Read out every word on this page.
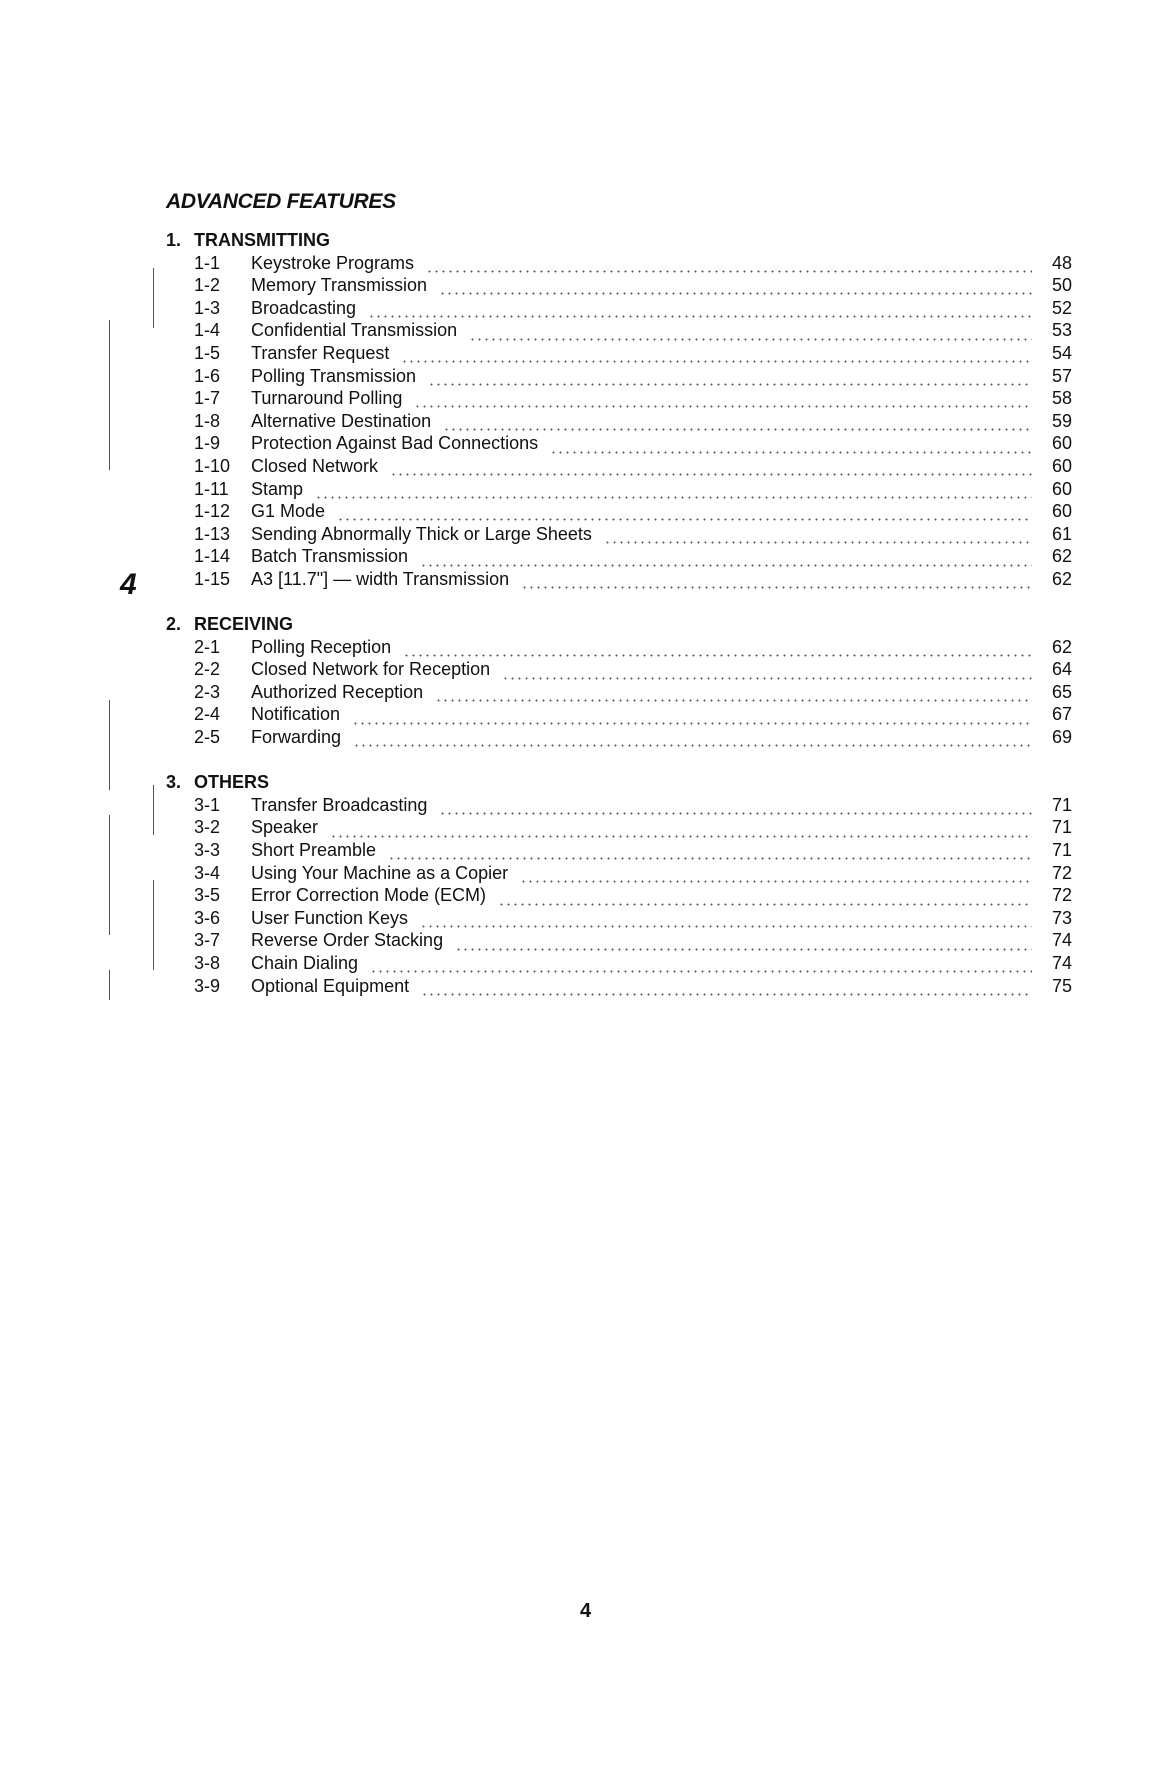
ADVANCED FEATURES
1. TRANSMITTING
1-1	Keystroke Programs	48
1-2	Memory Transmission	50
1-3	Broadcasting	52
1-4	Confidential Transmission	53
1-5	Transfer Request	54
1-6	Polling Transmission	57
1-7	Turnaround Polling	58
1-8	Alternative Destination	59
1-9	Protection Against Bad Connections	60
1-10	Closed Network	60
1-11	Stamp	60
1-12	G1 Mode	60
1-13	Sending Abnormally Thick or Large Sheets	61
1-14	Batch Transmission	62
1-15	A3 [11.7"] — width Transmission	62
2. RECEIVING
2-1	Polling Reception	62
2-2	Closed Network for Reception	64
2-3	Authorized Reception	65
2-4	Notification	67
2-5	Forwarding	69
3. OTHERS
3-1	Transfer Broadcasting	71
3-2	Speaker	71
3-3	Short Preamble	71
3-4	Using Your Machine as a Copier	72
3-5	Error Correction Mode (ECM)	72
3-6	User Function Keys	73
3-7	Reverse Order Stacking	74
3-8	Chain Dialing	74
3-9	Optional Equipment	75
4
4
